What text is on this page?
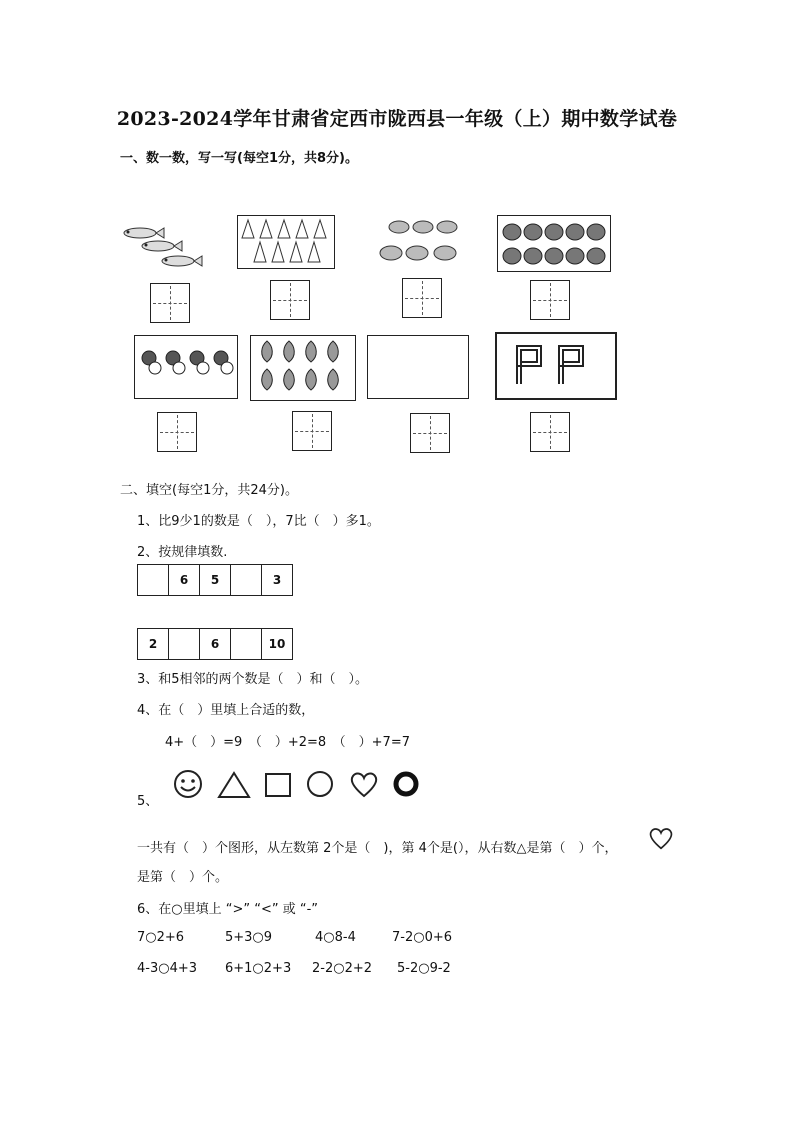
2023-2024学年甘肃省定西市陇西县一年级（上）期中数学试卷
一、数一数，写一写(每空1分，共8分)。
二、填空(每空1分，共24分)。
1、比9少1的数是（　），7比（　）多1。
2、按规律填数.
	6	5		3
2		6		10
3、和5相邻的两个数是（　）和（　）。
4、在（　）里填上合适的数，
4+（　）=9　（　）+2=8　（　）+7=7
5、
一共有（　）个图形，从左数第 2个是（　)，第 4个是(），从右数△是第（　）个，
是第（　）个。
6、在○里填上 “>” “<” 或 “-”
7○2+6	5+3○9	4○8-4	7-2○0+6
4-3○4+3 6+1○2+3 2-2○2+2 5-2○9-2
